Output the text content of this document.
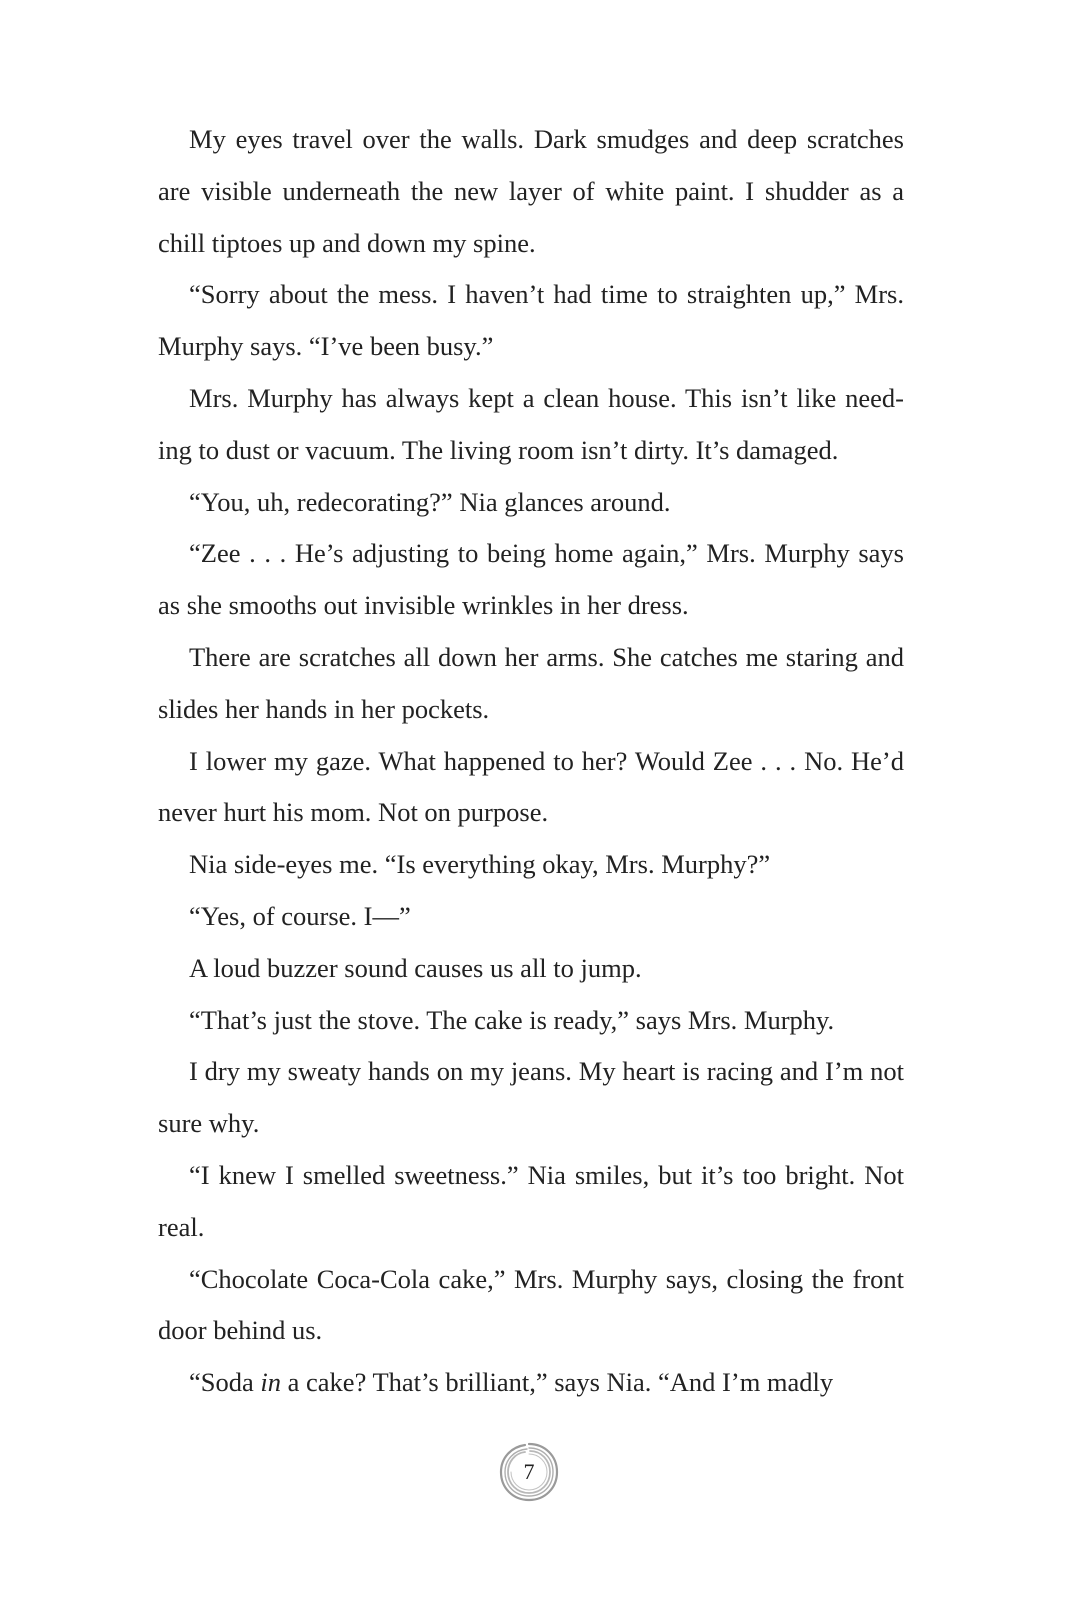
My eyes travel over the walls. Dark smudges and deep scratches are visible underneath the new layer of white paint. I shudder as a chill tiptoes up and down my spine.

“Sorry about the mess. I haven’t had time to straighten up,” Mrs. Murphy says. “I’ve been busy.”

Mrs. Murphy has always kept a clean house. This isn’t like needing to dust or vacuum. The living room isn’t dirty. It’s damaged.

“You, uh, redecorating?” Nia glances around.

“Zee . . . He’s adjusting to being home again,” Mrs. Murphy says as she smooths out invisible wrinkles in her dress.

There are scratches all down her arms. She catches me staring and slides her hands in her pockets.

I lower my gaze. What happened to her? Would Zee . . . No. He’d never hurt his mom. Not on purpose.

Nia side-eyes me. “Is everything okay, Mrs. Murphy?”

“Yes, of course. I—”

A loud buzzer sound causes us all to jump.

“That’s just the stove. The cake is ready,” says Mrs. Murphy.

I dry my sweaty hands on my jeans. My heart is racing and I’m not sure why.

“I knew I smelled sweetness.” Nia smiles, but it’s too bright. Not real.

“Chocolate Coca-Cola cake,” Mrs. Murphy says, closing the front door behind us.

“Soda in a cake? That’s brilliant,” says Nia. “And I’m madly

7
